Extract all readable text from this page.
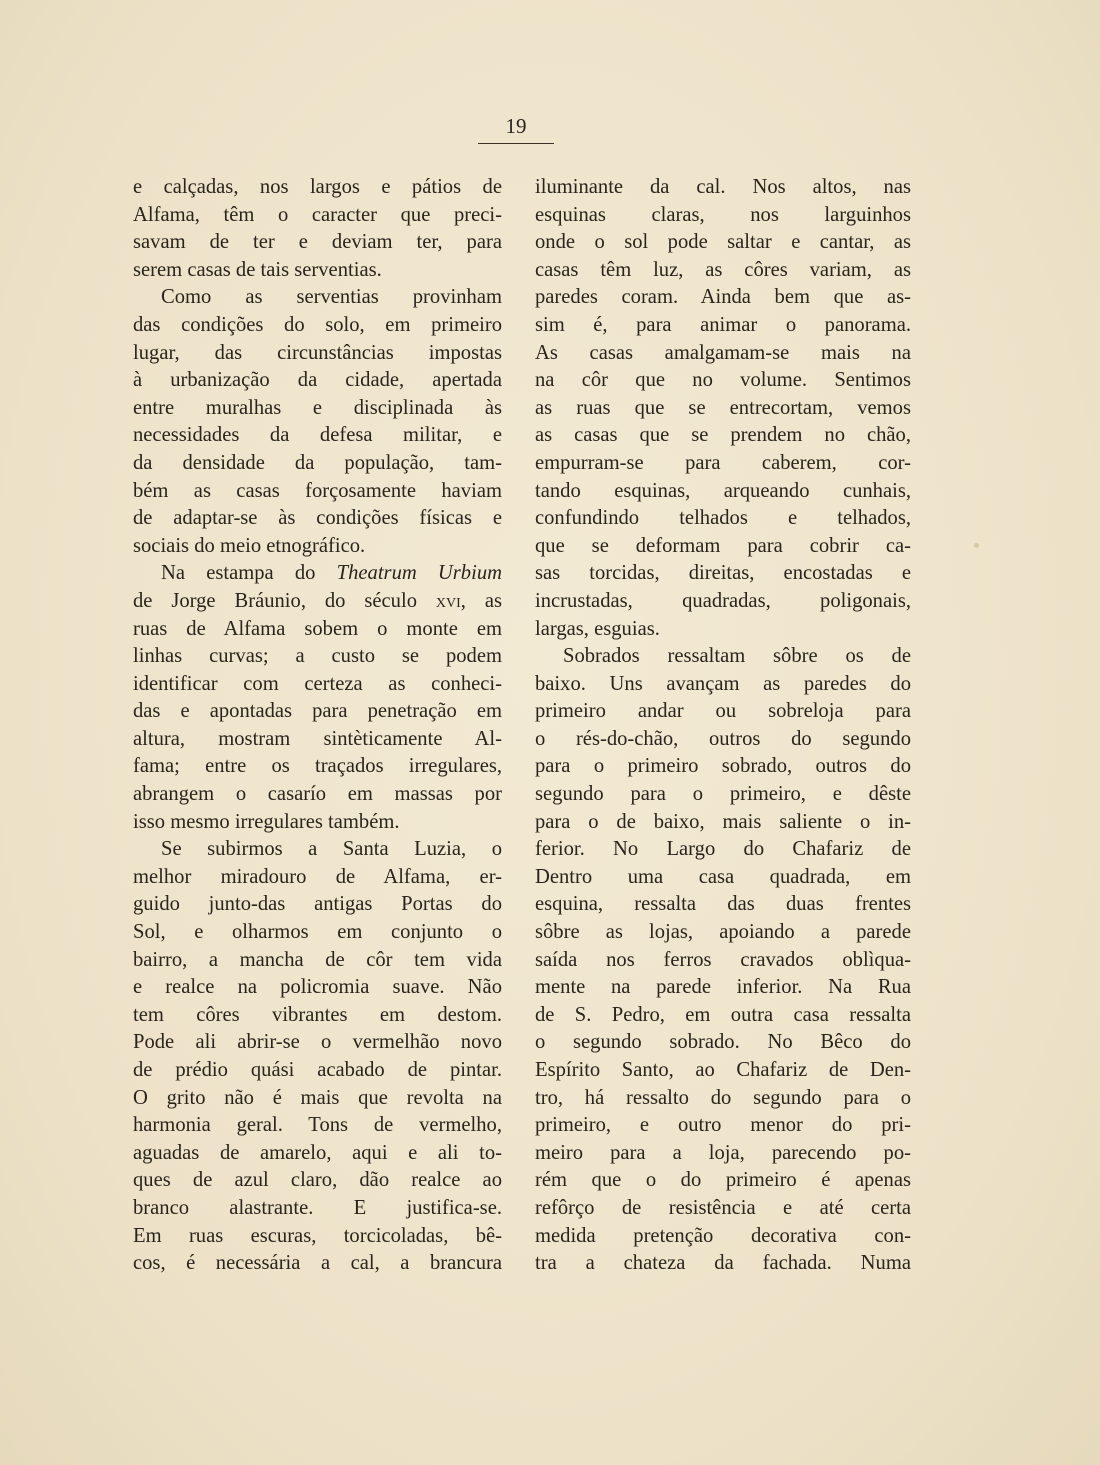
19
e calçadas, nos largos e pátios de
Alfama, têm o caracter que preci-
savam de ter e deviam ter, para
serem casas de tais serventias.
Como as serventias provinham
das condições do solo, em primeiro
lugar, das circunstâncias impostas
à urbanização da cidade, apertada
entre muralhas e disciplinada às
necessidades da defesa militar, e
da densidade da população, tam-
bém as casas forçosamente haviam
de adaptar-se às condições físicas e
sociais do meio etnográfico.
Na estampa do Theatrum Urbium
de Jorge Bráunio, do século xvi, as
ruas de Alfama sobem o monte em
linhas curvas; a custo se podem
identificar com certeza as conheci-
das e apontadas para penetração em
altura, mostram sintèticamente Al-
fama; entre os traçados irregulares,
abrangem o casarío em massas por
isso mesmo irregulares também.
Se subirmos a Santa Luzia, o
melhor miradouro de Alfama, er-
guido junto-das antigas Portas do
Sol, e olharmos em conjunto o
bairro, a mancha de côr tem vida
e realce na policromia suave. Não
tem côres vibrantes em destom.
Pode ali abrir-se o vermelhão novo
de prédio quási acabado de pintar.
O grito não é mais que revolta na
harmonia geral. Tons de vermelho,
aguadas de amarelo, aqui e ali to-
ques de azul claro, dão realce ao
branco alastrante. E justifica-se.
Em ruas escuras, torcicoladas, bê-
cos, é necessária a cal, a brancura
iluminante da cal. Nos altos, nas
esquinas claras, nos larguinhos
onde o sol pode saltar e cantar, as
casas têm luz, as côres variam, as
paredes coram. Ainda bem que as-
sim é, para animar o panorama.
As casas amalgamam-se mais na
na côr que no volume. Sentimos
as ruas que se entrecortam, vemos
as casas que se prendem no chão,
empurram-se para caberem, cor-
tando esquinas, arqueando cunhais,
confundindo telhados e telhados,
que se deformam para cobrir ca-
sas torcidas, direitas, encostadas e
incrustadas, quadradas, poligonais,
largas, esguias.
Sobrados ressaltam sôbre os de
baixo. Uns avançam as paredes do
primeiro andar ou sobreloja para
o rés-do-chão, outros do segundo
para o primeiro sobrado, outros do
segundo para o primeiro, e dêste
para o de baixo, mais saliente o in-
ferior. No Largo do Chafariz de
Dentro uma casa quadrada, em
esquina, ressalta das duas frentes
sôbre as lojas, apoiando a parede
saída nos ferros cravados oblìqua-
mente na parede inferior. Na Rua
de S. Pedro, em outra casa ressalta
o segundo sobrado. No Bêco do
Espírito Santo, ao Chafariz de Den-
tro, há ressalto do segundo para o
primeiro, e outro menor do pri-
meiro para a loja, parecendo po-
rém que o do primeiro é apenas
refôrço de resistência e até certa
medida pretenção decorativa con-
tra a chateza da fachada. Numa
